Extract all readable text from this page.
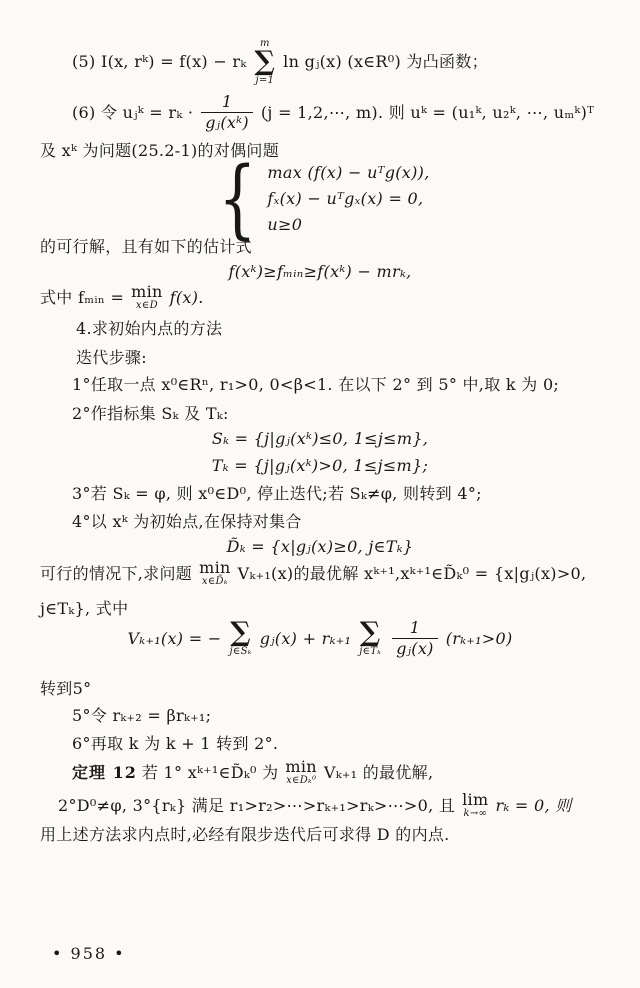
(5) I(x, rᵏ) = f(x) − rₖ
m
∑
j=1
ln gⱼ(x) (x∈R⁰) 为凸函数；
(6) 令 uⱼᵏ = $r_k \cdot \frac{1}{\text{gⱼ(xᵏ)}} (j$ = 1,2,⋯, m). 则 uᵏ = (u₁ᵏ, u₂ᵏ, ⋯, uₘᵏ)ᵀ
及 xᵏ 为问题(25.2-1)的对偶问题
{ max (f(x) − uᵀg(x)),
fₓ(x) − uᵀgₓ(x) = 0,
u≥0
的可行解，且有如下的估计式
f(xᵏ)≥fₘᵢₙ≥f(xᵏ) − mrₖ,
式中 fₘᵢₙ = min
x∈D f(x).
4.求初始内点的方法
迭代步骤:
1°任取一点 x⁰∈Rⁿ, r₁>0, 0<β<1. 在以下 2° 到 5° 中,取 k 为 0;
2°作指标集 Sₖ 及 Tₖ:
Sₖ = {j|gⱼ(xᵏ)≤0, 1≤j≤m},
Tₖ = {j|gⱼ(xᵏ)>0, 1≤j≤m};
3°若 Sₖ = φ, 则 x⁰∈D⁰, 停止迭代;若 Sₖ≠φ, 则转到 4°;
4°以 xᵏ 为初始点,在保持对集合
D̃ₖ = {x|gⱼ(x)≥0, j∈Tₖ}
可行的情况下,求问题 min
x∈D̃ₖ Vₖ₊₁(x)的最优解 xᵏ⁺¹,xᵏ⁺¹∈D̃ₖ⁰ = {x|gⱼ(x)>0,
j∈Tₖ}, 式中
Vₖ₊₁(x) = − ∑
j∈Sₖ
gⱼ(x) + rₖ₊₁ ∑
j∈Tₖ $\frac{1}{\text{gⱼ(x)}} (r_{k+1}>0)$
转到5°
5°令 rₖ₊₂ = βrₖ₊₁;
6°再取 k 为 k + 1 转到 2°.
定理 12 若 1° xᵏ⁺¹∈D̃ₖ⁰ 为 min
x∈Dₖ⁰ Vₖ₊₁ 的最优解,
2°D⁰≠φ, 3°{rₖ} 满足 r₁>r₂>⋯>rₖ₊₁>rₖ>⋯>0, 且 lim
k→∞ rₖ = 0, 则
用上述方法求内点时,必经有限步迭代后可求得 D 的内点.
• 958 •
